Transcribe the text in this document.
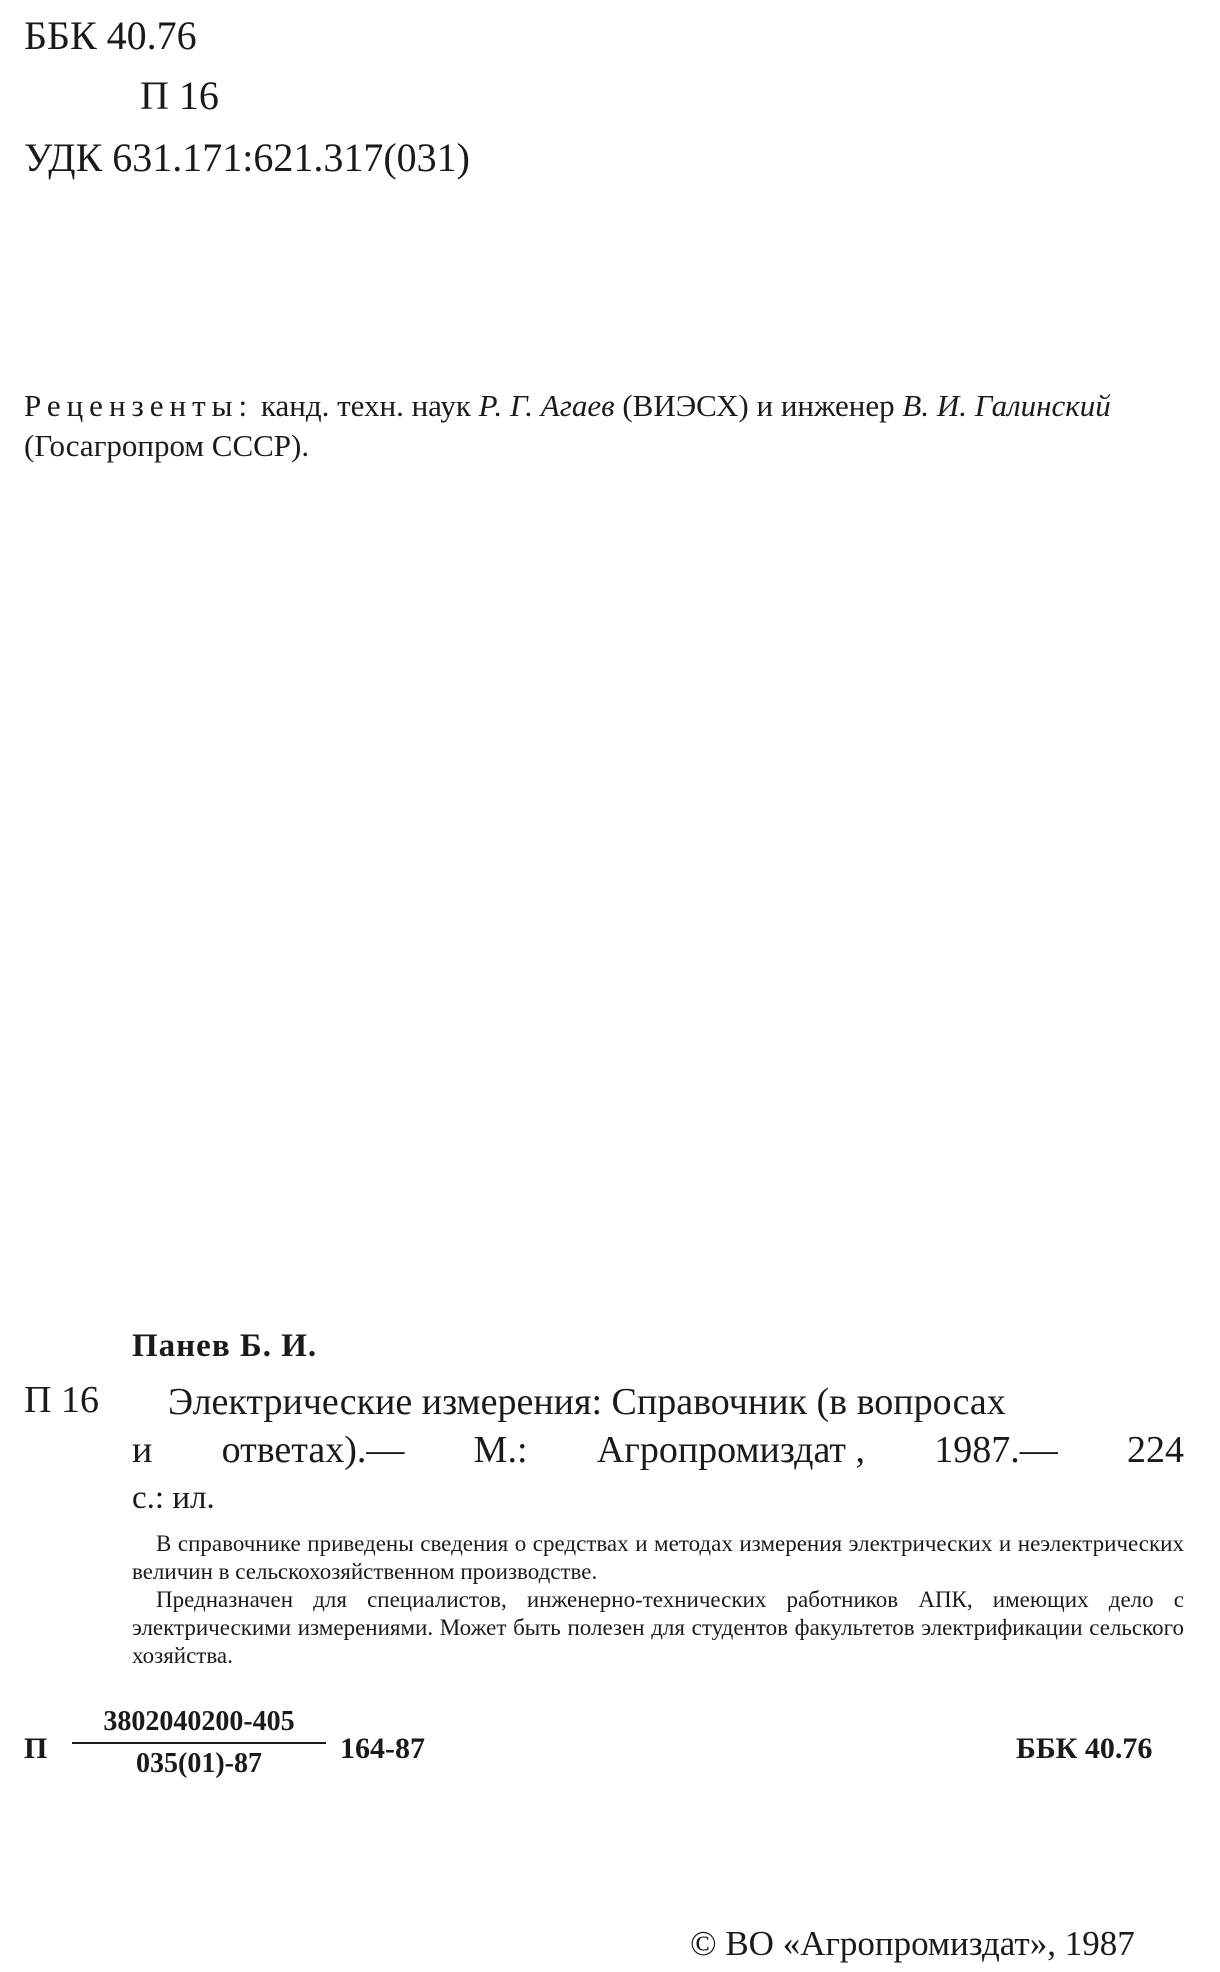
ББК 40.76
П 16
УДК 631.171:621.317(031)
Рецензенты: канд. техн. наук Р. Г. Агаев (ВИЭСХ) и инженер В. И. Галинский (Госагропром СССР).
Панев Б. И.
П 16 Электрические измерения: Справочник (в вопросах
и ответах).— М.: Агропромиздат , 1987.— 224
с.: ил.

В справочнике приведены сведения о средствах и методах измерения электрических и неэлектрических величин в сельскохозяйственном производстве.

Предназначен для специалистов, инженерно-технических работников АПК, имеющих дело с электрическими измерениями. Может быть полезен для студентов факультетов электрификации сельского хозяйства.

П $\frac{3802040200-405}{035(01)-87} 164-87$	ББК 40.76
© ВО «Агропромиздат», 1987
